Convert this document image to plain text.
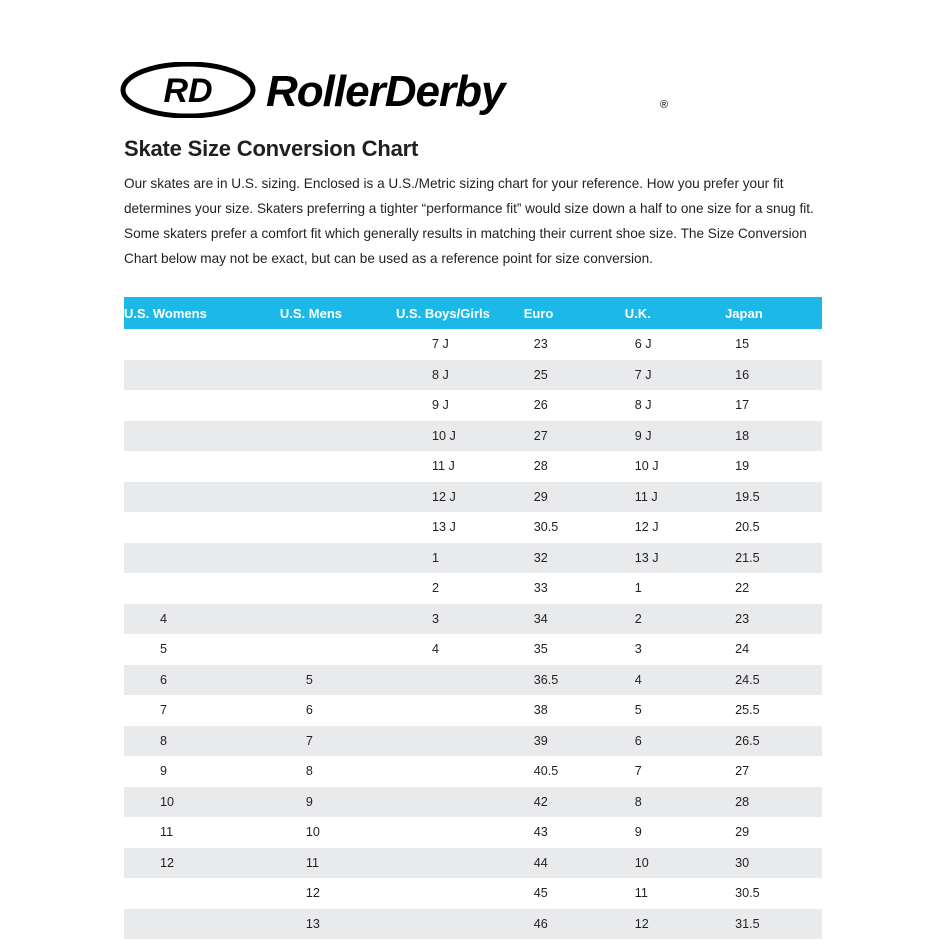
RD RollerDerby	®
Skate Size Conversion Chart
Our skates are in U.S. sizing. Enclosed is a U.S./Metric sizing chart for your reference. How you prefer your fit determines your size. Skaters preferring a tighter “performance fit” would size down a half to one size for a snug fit. Some skaters prefer a comfort fit which generally results in matching their current shoe size. The Size Conversion Chart below may not be exact, but can be used as a reference point for size conversion.
U.S. Womens	U.S. Mens	U.S. Boys/Girls	Euro	U.K.	Japan
		7 J	23	6 J	15
		8 J	25	7 J	16
		9 J	26	8 J	17
		10 J	27	9 J	18
		11 J	28	10 J	19
		12 J	29	11 J	19.5
		13 J	30.5	12 J	20.5
		1	32	13 J	21.5
		2	33	1	22
4		3	34	2	23
5		4	35	3	24
6	5		36.5	4	24.5
7	6		38	5	25.5
8	7		39	6	26.5
9	8		40.5	7	27
10	9		42	8	28
11	10		43	9	29
12	11		44	10	30
	12		45	11	30.5
	13		46	12	31.5
